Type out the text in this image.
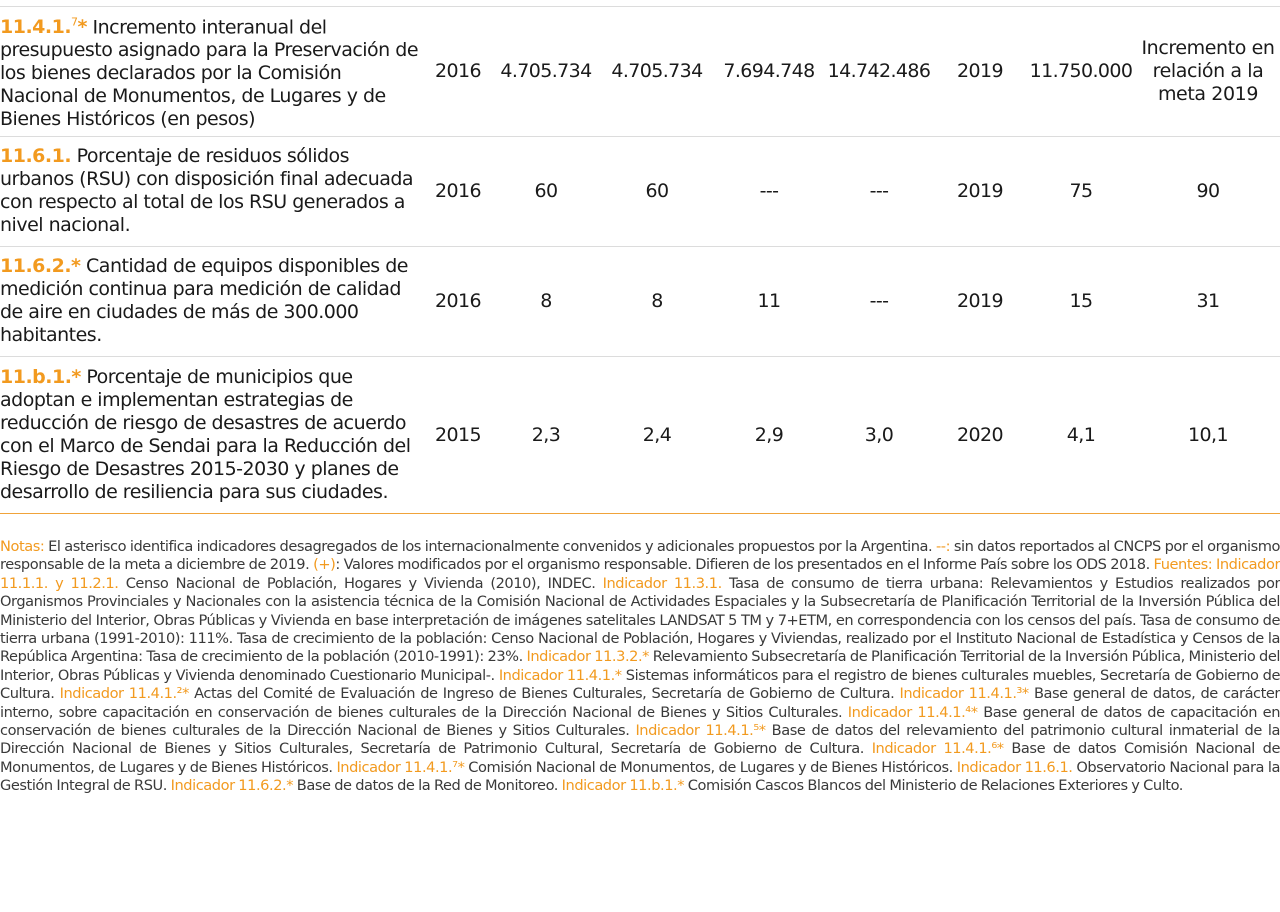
11.4.1.$^7$* Incremento interanual del presupuesto asignado para la Preservación de los bienes declarados por la Comisión Nacional de Monumentos, de Lugares y de Bienes Históricos (en pesos)	2016	4.705.734	4.705.734	7.694.748	14.742.486	2019	11.750.000	Incremento en relación a la meta 2019
11.6.1. Porcentaje de residuos sólidos urbanos (RSU) con disposición final adecuada con respecto al total de los RSU generados a nivel nacional.	2016	60	60	---	---	2019	75	90
11.6.2.* Cantidad de equipos disponibles de medición continua para medición de calidad de aire en ciudades de más de 300.000 habitantes.	2016	8	8	11	---	2019	15	31
11.b.1.* Porcentaje de municipios que adoptan e implementan estrategias de reducción de riesgo de desastres de acuerdo con el Marco de Sendai para la Reducción del Riesgo de Desastres 2015-2030 y planes de desarrollo de resiliencia para sus ciudades.	2015	2,3	2,4	2,9	3,0	2020	4,1	10,1
Notas: El asterisco identifica indicadores desagregados de los internacionalmente convenidos y adicionales propuestos por la Argentina. --: sin datos reportados al CNCPS por el organismo responsable de la meta a diciembre de 2019. (+): Valores modificados por el organismo responsable. Difieren de los presentados en el Informe País sobre los ODS 2018. Fuentes: Indicador 11.1.1. y 11.2.1. Censo Nacional de Población, Hogares y Vivienda (2010), INDEC. Indicador 11.3.1. Tasa de consumo de tierra urbana: Relevamientos y Estudios realizados por Organismos Provinciales y Nacionales con la asistencia técnica de la Comisión Nacional de Actividades Espaciales y la Subsecretaría de Planificación Territorial de la Inversión Pública del Ministerio del Interior, Obras Públicas y Vivienda en base interpretación de imágenes satelitales LANDSAT 5 TM y 7+ETM, en correspondencia con los censos del país. Tasa de consumo de tierra urbana (1991-2010): 111%. Tasa de crecimiento de la población: Censo Nacional de Población, Hogares y Viviendas, realizado por el Instituto Nacional de Estadística y Censos de la República Argentina: Tasa de crecimiento de la población (2010-1991): 23%. Indicador 11.3.2.* Relevamiento Subsecretaría de Planificación Territorial de la Inversión Pública, Ministerio del Interior, Obras Públicas y Vivienda denominado Cuestionario Municipal-. Indicador 11.4.1.* Sistemas informáticos para el registro de bienes culturales muebles, Secretaría de Gobierno de Cultura. Indicador 11.4.1.²* Actas del Comité de Evaluación de Ingreso de Bienes Culturales, Secretaría de Gobierno de Cultura. Indicador 11.4.1.³* Base general de datos, de carácter interno, sobre capacitación en conservación de bienes culturales de la Dirección Nacional de Bienes y Sitios Culturales. Indicador 11.4.1.⁴* Base general de datos de capacitación en conservación de bienes culturales de la Dirección Nacional de Bienes y Sitios Culturales. Indicador 11.4.1.⁵* Base de datos del relevamiento del patrimonio cultural inmaterial de la Dirección Nacional de Bienes y Sitios Culturales, Secretaría de Patrimonio Cultural, Secretaría de Gobierno de Cultura. Indicador 11.4.1.⁶* Base de datos Comisión Nacional de Monumentos, de Lugares y de Bienes Históricos. Indicador 11.4.1.⁷* Comisión Nacional de Monumentos, de Lugares y de Bienes Históricos. Indicador 11.6.1. Observatorio Nacional para la Gestión Integral de RSU. Indicador 11.6.2.* Base de datos de la Red de Monitoreo. Indicador 11.b.1.* Comisión Cascos Blancos del Ministerio de Relaciones Exteriores y Culto.
